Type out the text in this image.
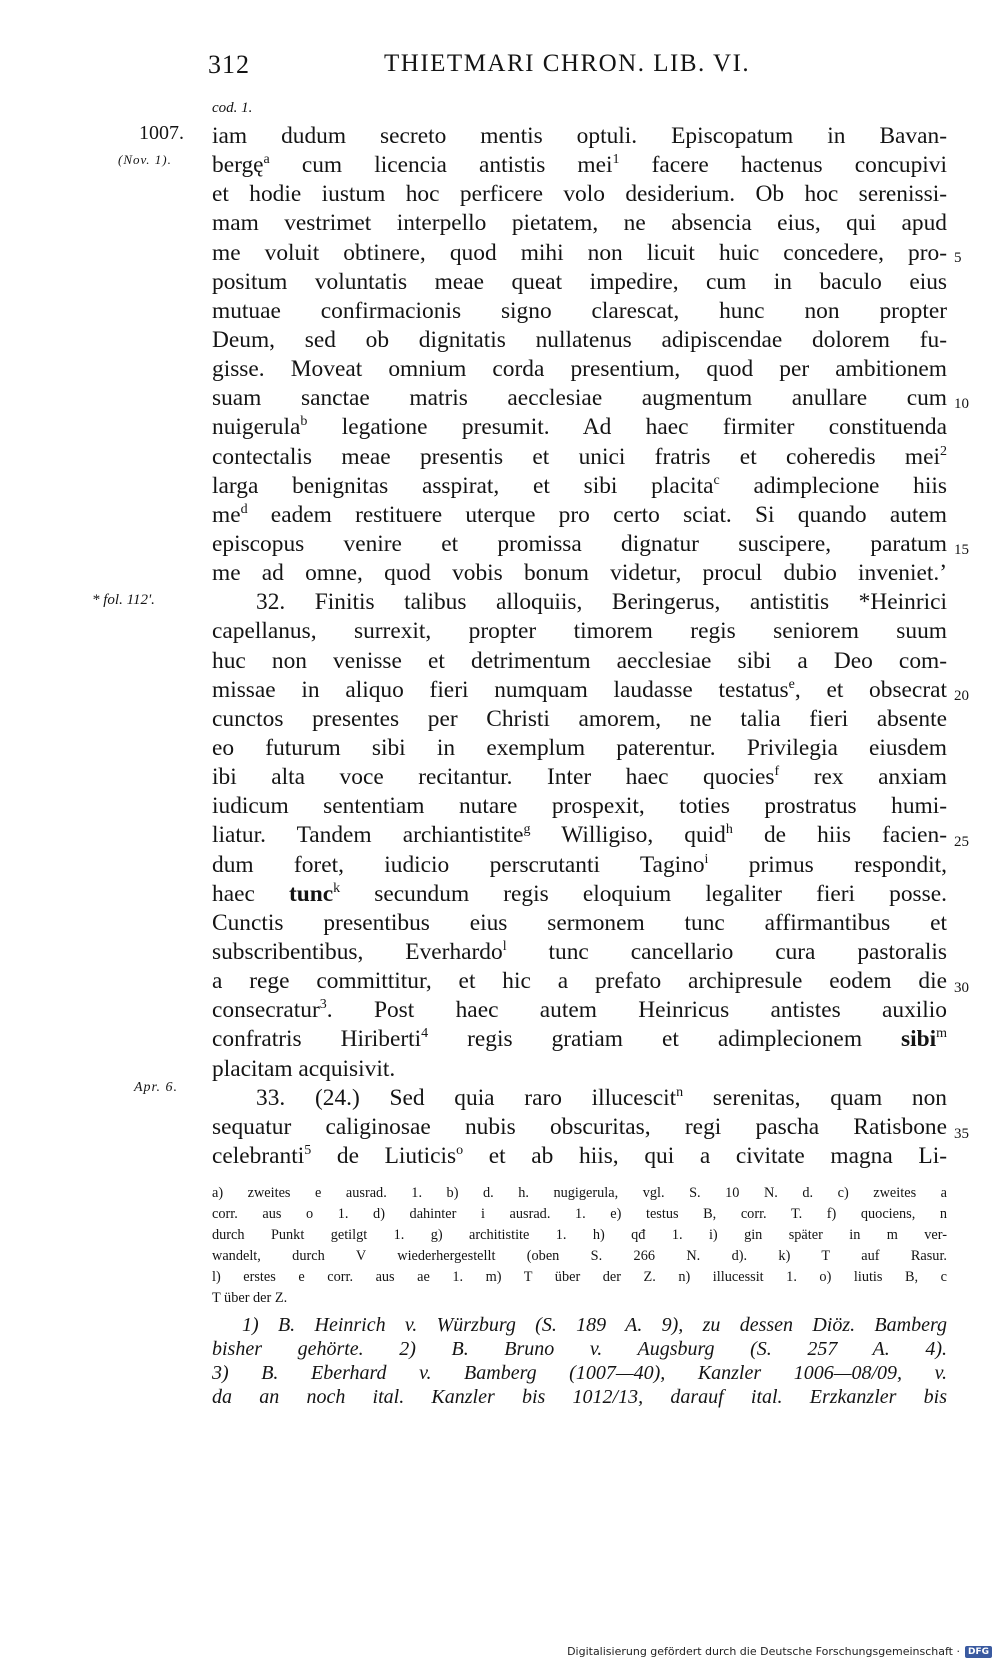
312	THIETMARI CHRON. LIB. VI.
cod. 1.
1007.
(Nov. 1).
* fol. 112'.
Apr. 6.
5
10
15
20
25
30
35
iam dudum secreto mentis optuli. Episcopatum in Bavan-
bergę$^a$ cum licencia antistis mei$^1$ facere hactenus concupivi
et hodie iustum hoc perficere volo desiderium. Ob hoc serenissi-
mam vestrimet interpello pietatem, ne absencia eius, qui apud
me voluit obtinere, quod mihi non licuit huic concedere, pro-
positum voluntatis meae queat impedire, cum in baculo eius
mutuae confirmacionis signo clarescat, hunc non propter
Deum, sed ob dignitatis nullatenus adipiscendae dolorem fu-
gisse. Moveat omnium corda presentium, quod per ambitionem
suam sanctae matris aecclesiae augmentum anullare cum
nuigerula$^b$ legatione presumit. Ad haec firmiter constituenda
contectalis meae presentis et unici fratris et coheredis mei$^2$
larga benignitas asspirat, et sibi placita$^c$ adimplecione hiis
$me^d$ eadem restituere uterque pro certo sciat. Si quando autem
episcopus venire et promissa dignatur suscipere, paratum
me ad omne, quod vobis bonum videtur, procul dubio inveniet.’
32. Finitis talibus alloquiis, Beringerus, antistitis *Heinrici
capellanus, surrexit, propter timorem regis seniorem suum
huc non venisse et detrimentum aecclesiae sibi a Deo com-
missae in aliquo fieri numquam laudasse testatus$^e$, et obsecrat
cunctos presentes per Christi amorem, ne talia fieri absente
eo futurum sibi in exemplum paterentur. Privilegia eiusdem
ibi alta voce recitantur. Inter haec quocies$^f$ rex anxiam
iudicum sententiam nutare prospexit, toties prostratus humi-
liatur. Tandem archiantistite$^g$ Willigiso, quid$^h$ de hiis facien-
dum foret, iudicio perscrutanti Tagino$^i$ primus respondit,
haec tunc$^k$ secundum regis eloquium legaliter fieri posse.
Cunctis presentibus eius sermonem tunc affirmantibus et
subscribentibus, Everhardo$^l$ tunc cancellario cura pastoralis
a rege committitur, et hic a prefato archipresule eodem die
consecratur$^3$. Post haec autem Heinricus antistes auxilio
confratris Hiriberti$^4$ regis gratiam et adimplecionem sibi$^m$
placitam acquisivit.
33. (24.) Sed quia raro illucescit$^n$ serenitas, quam non
sequatur caliginosae nubis obscuritas, regi pascha Ratisbone
celebranti$^5$ de Liuticis$^o$ et ab hiis, qui a civitate magna Li-
a) zweites e ausrad. 1. b) d. h. nugigerula, vgl. S. 10 N. d. c) zweites a
corr. aus o 1. d) dahinter i ausrad. 1. e) testus B, corr. T. f) quociens, n
durch Punkt getilgt 1. g) architistite 1. h) qđ 1. i) gin später in m ver-
wandelt, durch V wiederhergestellt (oben S. 266 N. d). k) T auf Rasur.
l) erstes e corr. aus ae 1. m) T über der Z. n) illucessit 1. o) liutis B, c
T über der Z.
1) B. Heinrich v. Würzburg (S. 189 A. 9), zu dessen Diöz. Bamberg
bisher gehörte. 2) B. Bruno v. Augsburg (S. 257 A. 4).
3) B. Eberhard v. Bamberg (1007—40), Kanzler 1006—08/09, v.
da an noch ital. Kanzler bis 1012/13, darauf ital. Erzkanzler bis
Digitalisierung gefördert durch die Deutsche Forschungsgemeinschaft · DFG
